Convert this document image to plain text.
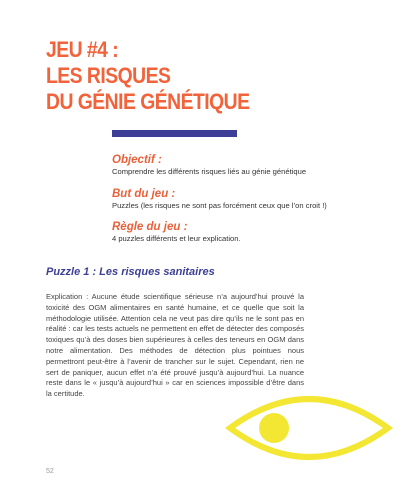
JEU #4 :
LES RISQUES
DU GÉNIE GÉNÉTIQUE
Objectif :

Comprendre les différents risques liés au génie génétique

But du jeu :

Puzzles (les risques ne sont pas forcément ceux que l’on croit !)

Règle du jeu :

4 puzzles différents et leur explication.

Puzzle 1 : Les risques sanitaires

Explication : Aucune étude scientifique sérieuse n’a aujourd’hui prouvé la toxicité des OGM alimentaires en santé humaine, et ce quelle que soit la méthodologie utilisée. Attention cela ne veut pas dire qu’ils ne le sont pas en réalité : car les tests actuels ne permettent en effet de détecter des composés toxiques qu’à des doses bien supérieures à celles des teneurs en OGM dans notre alimentation. Des méthodes de détection plus pointues nous permettront peut-être à l’avenir de trancher sur le sujet. Cependant, rien ne sert de paniquer, aucun effet n’a été prouvé jusqu’à aujourd’hui. La nuance reste dans le « jusqu’à aujourd’hui » car en sciences impossible d’être dans la certitude.

52
